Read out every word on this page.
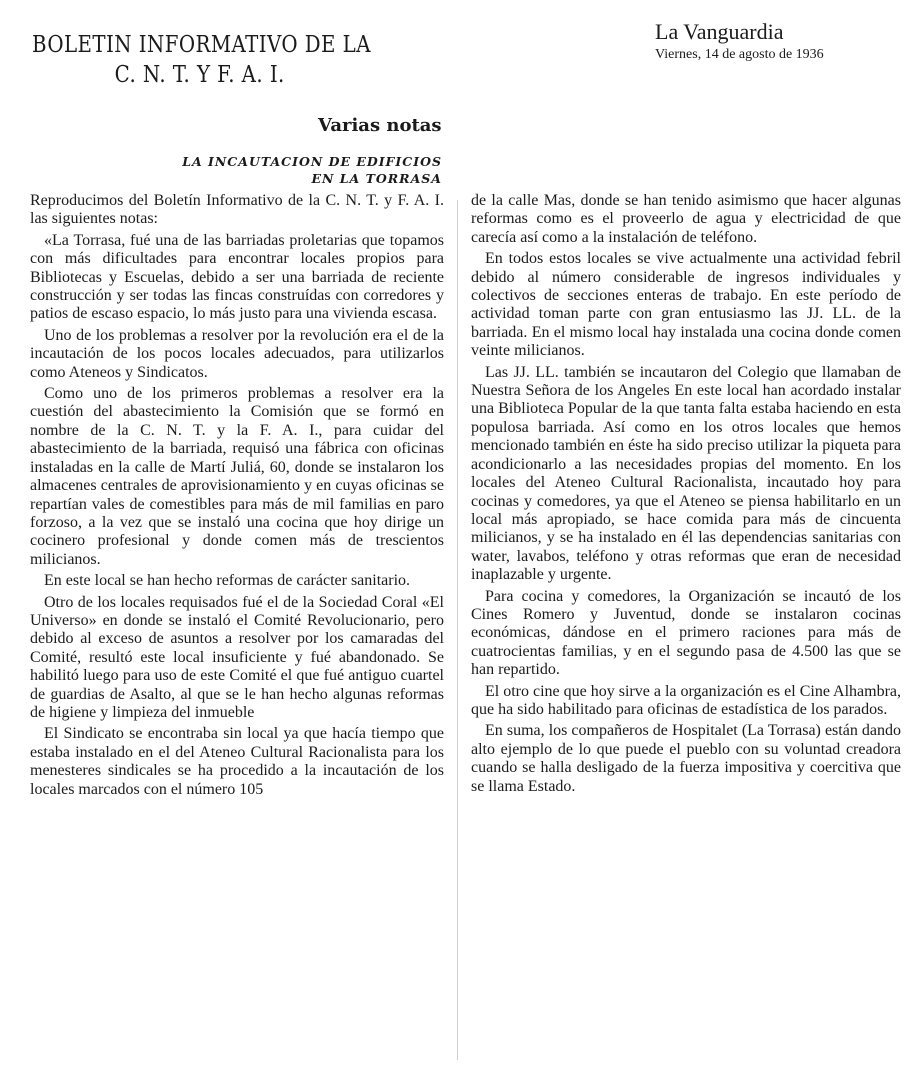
BOLETIN INFORMATIVO DE LA
C. N. T. Y F. A. I.
La Vanguardia
Viernes, 14 de agosto de 1936
Varias notas
LA INCAUTACION DE EDIFICIOS
EN LA TORRASA

Reproducimos del Boletín Informativo de la C. N. T. y F. A. I. las siguientes notas:

«La Torrasa, fué una de las barriadas proletarias que topamos con más dificultades para encontrar locales propios para Bibliotecas y Escuelas, debido a ser una barriada de reciente construcción y ser todas las fincas construídas con corredores y patios de escaso espacio, lo más justo para una vivienda escasa.

Uno de los problemas a resolver por la revolución era el de la incautación de los pocos locales adecuados, para utilizarlos como Ateneos y Sindicatos.

Como uno de los primeros problemas a resolver era la cuestión del abastecimiento la Comisión que se formó en nombre de la C. N. T. y la F. A. I., para cuidar del abastecimiento de la barriada, requisó una fábrica con oficinas instaladas en la calle de Martí Juliá, 60, donde se instalaron los almacenes centrales de aprovisionamiento y en cuyas oficinas se repartían vales de comestibles para más de mil familias en paro forzoso, a la vez que se instaló una cocina que hoy dirige un cocinero profesional y donde comen más de trescientos milicianos.

En este local se han hecho reformas de carácter sanitario.

Otro de los locales requisados fué el de la Sociedad Coral «El Universo» en donde se instaló el Comité Revolucionario, pero debido al exceso de asuntos a resolver por los camaradas del Comité, resultó este local insuficiente y fué abandonado. Se habilitó luego para uso de este Comité el que fué antiguo cuartel de guardias de Asalto, al que se le han hecho algunas reformas de higiene y limpieza del inmueble

El Sindicato se encontraba sin local ya que hacía tiempo que estaba instalado en el del Ateneo Cultural Racionalista para los menesteres sindicales se ha procedido a la incautación de los locales marcados con el número 105

de la calle Mas, donde se han tenido asimismo que hacer algunas reformas como es el proveerlo de agua y electricidad de que carecía así como a la instalación de teléfono.

En todos estos locales se vive actualmente una actividad febril debido al número considerable de ingresos individuales y colectivos de secciones enteras de trabajo. En este período de actividad toman parte con gran entusiasmo las JJ. LL. de la barriada. En el mismo local hay instalada una cocina donde comen veinte milicianos.

Las JJ. LL. también se incautaron del Colegio que llamaban de Nuestra Señora de los Angeles En este local han acordado instalar una Biblioteca Popular de la que tanta falta estaba haciendo en esta populosa barriada. Así como en los otros locales que hemos mencionado también en éste ha sido preciso utilizar la piqueta para acondicionarlo a las necesidades propias del momento. En los locales del Ateneo Cultural Racionalista, incautado hoy para cocinas y comedores, ya que el Ateneo se piensa habilitarlo en un local más apropiado, se hace comida para más de cincuenta milicianos, y se ha instalado en él las dependencias sanitarias con water, lavabos, teléfono y otras reformas que eran de necesidad inaplazable y urgente.

Para cocina y comedores, la Organización se incautó de los Cines Romero y Juventud, donde se instalaron cocinas económicas, dándose en el primero raciones para más de cuatrocientas familias, y en el segundo pasa de 4.500 las que se han repartido.

El otro cine que hoy sirve a la organización es el Cine Alhambra, que ha sido habilitado para oficinas de estadística de los parados.

En suma, los compañeros de Hospitalet (La Torrasa) están dando alto ejemplo de lo que puede el pueblo con su voluntad creadora cuando se halla desligado de la fuerza impositiva y coercitiva que se llama Estado.
